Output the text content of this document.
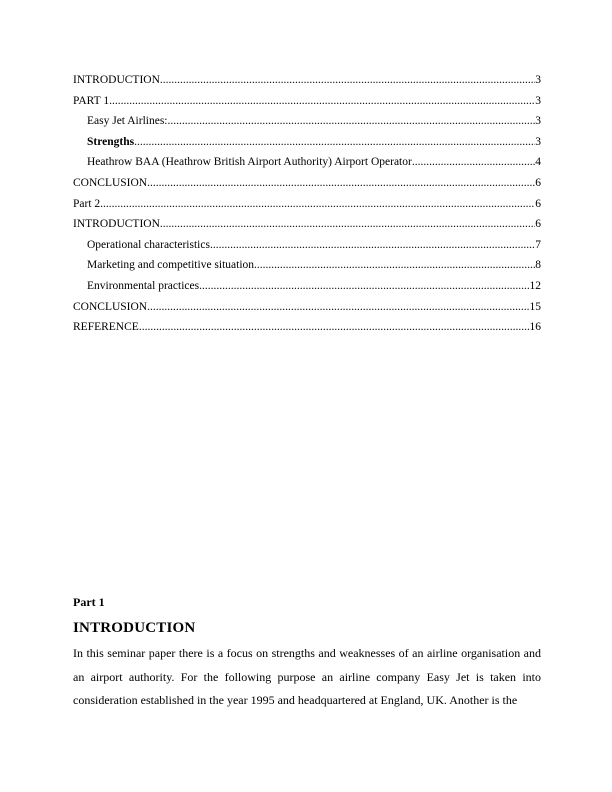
INTRODUCTION .....	3
PART 1 .....	3
Easy Jet Airlines: .....	3
Strengths .....	3
Heathrow BAA (Heathrow British Airport Authority) Airport Operator .....	4
CONCLUSION .....	6
Part 2 .....	6
INTRODUCTION .....	6
Operational characteristics .....	7
Marketing and competitive situation .....	8
Environmental practices .....	12
CONCLUSION .....	15
REFERENCE .....	16
Part 1
INTRODUCTION

In this seminar paper there is a focus on strengths and weaknesses of an airline organisation and an airport authority. For the following purpose an airline company Easy Jet is taken into consideration established in the year 1995 and headquartered at England, UK. Another is the
